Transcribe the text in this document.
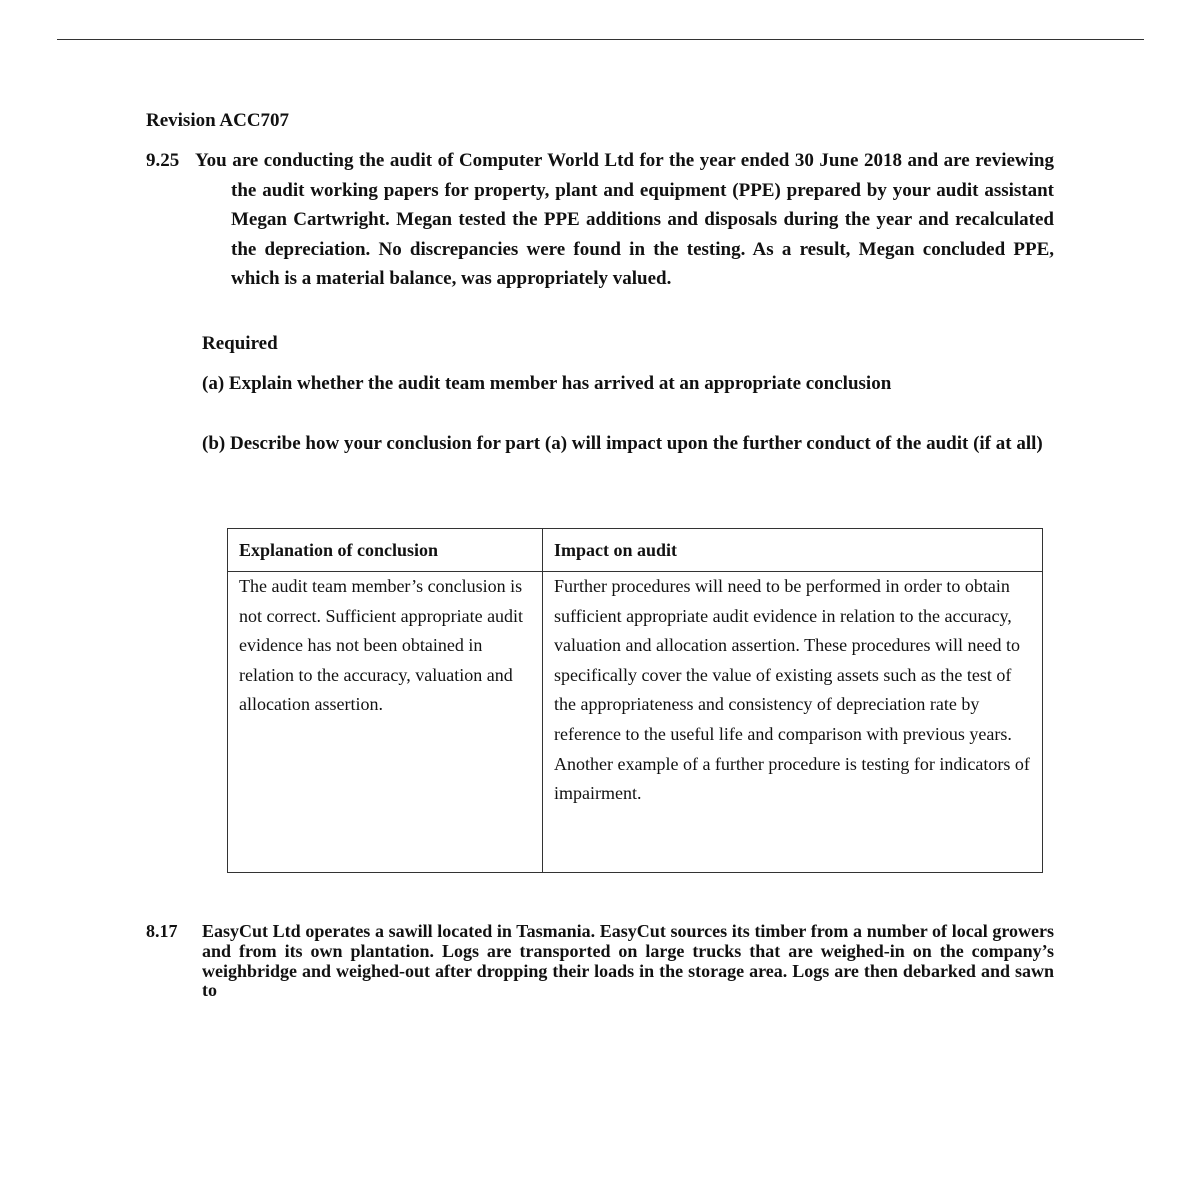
Revision ACC707
9.25 You are conducting the audit of Computer World Ltd for the year ended 30 June 2018 and are reviewing the audit working papers for property, plant and equipment (PPE) prepared by your audit assistant Megan Cartwright. Megan tested the PPE additions and disposals during the year and recalculated the depreciation. No discrepancies were found in the testing. As a result, Megan concluded PPE, which is a material balance, was appropriately valued.

Required

(a) Explain whether the audit team member has arrived at an appropriate conclusion

(b) Describe how your conclusion for part (a) will impact upon the further conduct of the audit (if at all)

Explanation of conclusion	Impact on audit
The audit team member’s conclusion is not correct. Sufficient appropriate audit evidence has not been obtained in relation to the accuracy, valuation and allocation assertion.	Further procedures will need to be performed in order to obtain sufficient appropriate audit evidence in relation to the accuracy, valuation and allocation assertion. These procedures will need to specifically cover the value of existing assets such as the test of the appropriateness and consistency of depreciation rate by reference to the useful life and comparison with previous years. Another example of a further procedure is testing for indicators of impairment.
8.17	EasyCut Ltd operates a sawill located in Tasmania. EasyCut sources its timber from a number of local growers and from its own plantation. Logs are transported on large trucks that are weighed-in on the company’s weighbridge and weighed-out after dropping their loads in the storage area. Logs are then debarked and sawn to
